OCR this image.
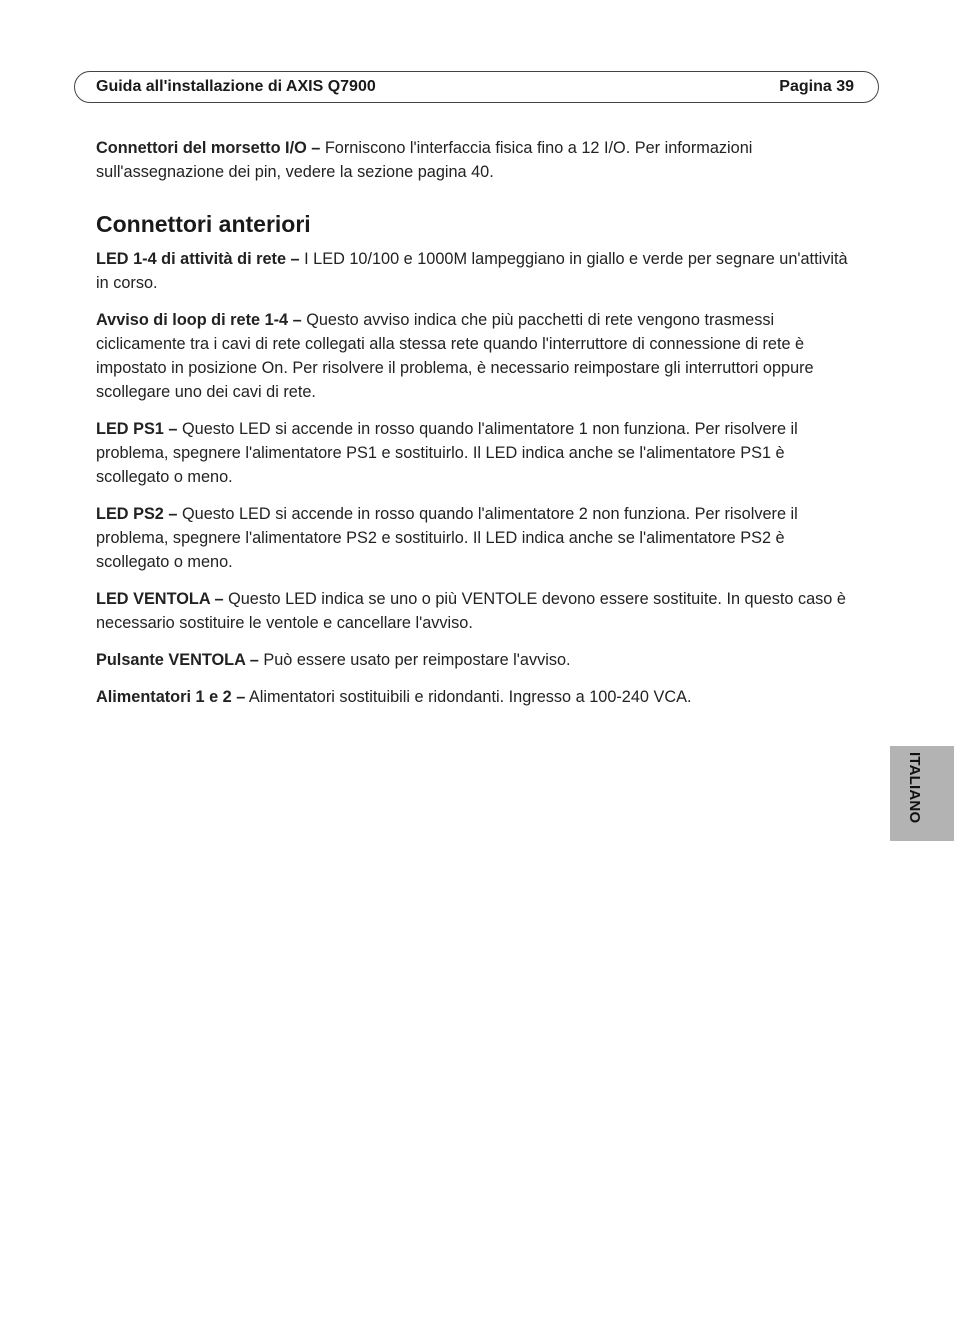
Guida all'installazione di AXIS Q7900	Pagina 39

Connettori del morsetto I/O – Forniscono l'interfaccia fisica fino a 12 I/O. Per informazioni sull'assegnazione dei pin, vedere la sezione pagina 40.

Connettori anteriori

LED 1-4 di attività di rete – I LED 10/100 e 1000M lampeggiano in giallo e verde per segnare un'attività in corso.

Avviso di loop di rete 1-4 – Questo avviso indica che più pacchetti di rete vengono trasmessi ciclicamente tra i cavi di rete collegati alla stessa rete quando l'interruttore di connessione di rete è impostato in posizione On. Per risolvere il problema, è necessario reimpostare gli interruttori oppure scollegare uno dei cavi di rete.

LED PS1 – Questo LED si accende in rosso quando l'alimentatore 1 non funziona. Per risolvere il problema, spegnere l'alimentatore PS1 e sostituirlo. Il LED indica anche se l'alimentatore PS1 è scollegato o meno.

LED PS2 – Questo LED si accende in rosso quando l'alimentatore 2 non funziona. Per risolvere il problema, spegnere l'alimentatore PS2 e sostituirlo. Il LED indica anche se l'alimentatore PS2 è scollegato o meno.

LED VENTOLA – Questo LED indica se uno o più VENTOLE devono essere sostituite. In questo caso è necessario sostituire le ventole e cancellare l'avviso.

Pulsante VENTOLA – Può essere usato per reimpostare l'avviso.

Alimentatori 1 e 2 – Alimentatori sostituibili e ridondanti. Ingresso a 100-240 VCA.

ITALIANO
